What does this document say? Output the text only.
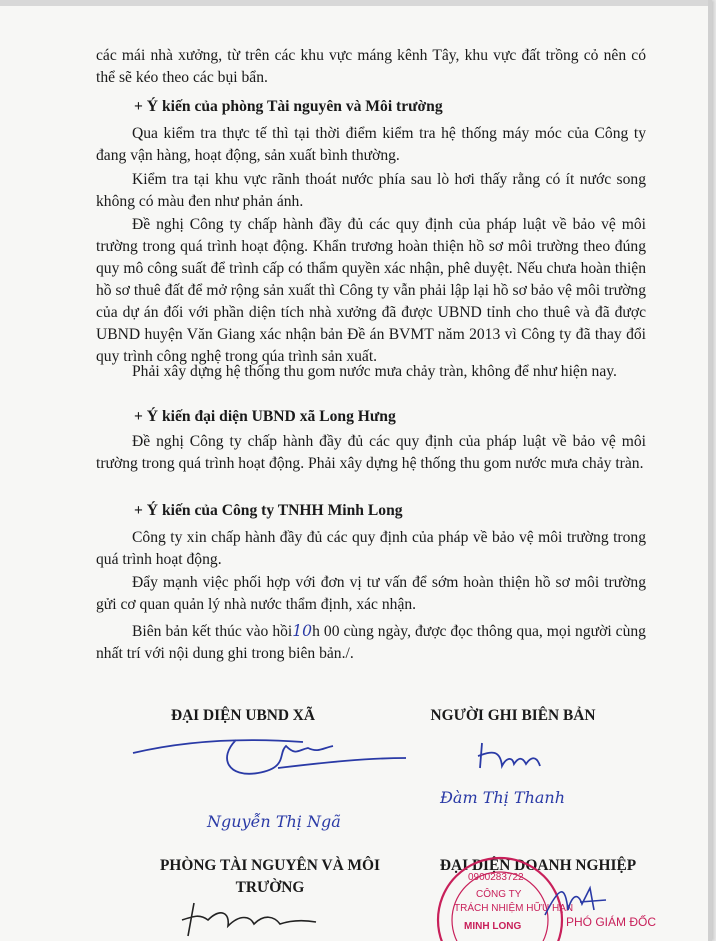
các mái nhà xưởng, từ trên các khu vực máng kênh Tây, khu vực đất trồng cỏ nên có thể sẽ kéo theo các bụi bẩn.

+ Ý kiến của phòng Tài nguyên và Môi trường

Qua kiểm tra thực tế thì tại thời điểm kiểm tra hệ thống máy móc của Công ty đang vận hàng, hoạt động, sản xuất bình thường.

Kiểm tra tại khu vực rãnh thoát nước phía sau lò hơi thấy rằng có ít nước song không có màu đen như phản ánh.

Đề nghị Công ty chấp hành đầy đủ các quy định của pháp luật về bảo vệ môi trường trong quá trình hoạt động. Khẩn trương hoàn thiện hồ sơ môi trường theo đúng quy mô công suất để trình cấp có thẩm quyền xác nhận, phê duyệt. Nếu chưa hoàn thiện hồ sơ thuê đất để mở rộng sản xuất thì Công ty vẫn phải lập lại hồ sơ bảo vệ môi trường của dự án đối với phần diện tích nhà xưởng đã được UBND tỉnh cho thuê và đã được UBND huyện Văn Giang xác nhận bản Đề án BVMT năm 2013 vì Công ty đã thay đổi quy trình công nghệ trong qúa trình sản xuất.

Phải xây dựng hệ thống thu gom nước mưa chảy tràn, không để như hiện nay.

+ Ý kiến đại diện UBND xã Long Hưng

Đề nghị Công ty chấp hành đầy đủ các quy định của pháp luật về bảo vệ môi trường trong quá trình hoạt động. Phải xây dựng hệ thống thu gom nước mưa chảy tràn.

+ Ý kiến của Công ty TNHH Minh Long

Công ty xin chấp hành đầy đủ các quy định của pháp về bảo vệ môi trường trong quá trình hoạt động.

Đẩy mạnh việc phối hợp với đơn vị tư vấn để sớm hoàn thiện hồ sơ môi trường gửi cơ quan quản lý nhà nước thẩm định, xác nhận.

Biên bản kết thúc vào hồi10h 00 cùng ngày, được đọc thông qua, mọi người cùng nhất trí với nội dung ghi trong biên bản./.

ĐẠI DIỆN UBND XÃ	NGƯỜI GHI BIÊN BẢN
Nguyễn Thị Ngã
Đàm Thị Thanh
PHÒNG TÀI NGUYÊN VÀ MÔI
TRƯỜNG
ĐẠI DIỆN DOANH NGHIỆP
0900283722
CÔNG TY
TRÁCH NHIỆM HỮU HẠN
MINH LONG	PHÓ GIÁM ĐỐC
